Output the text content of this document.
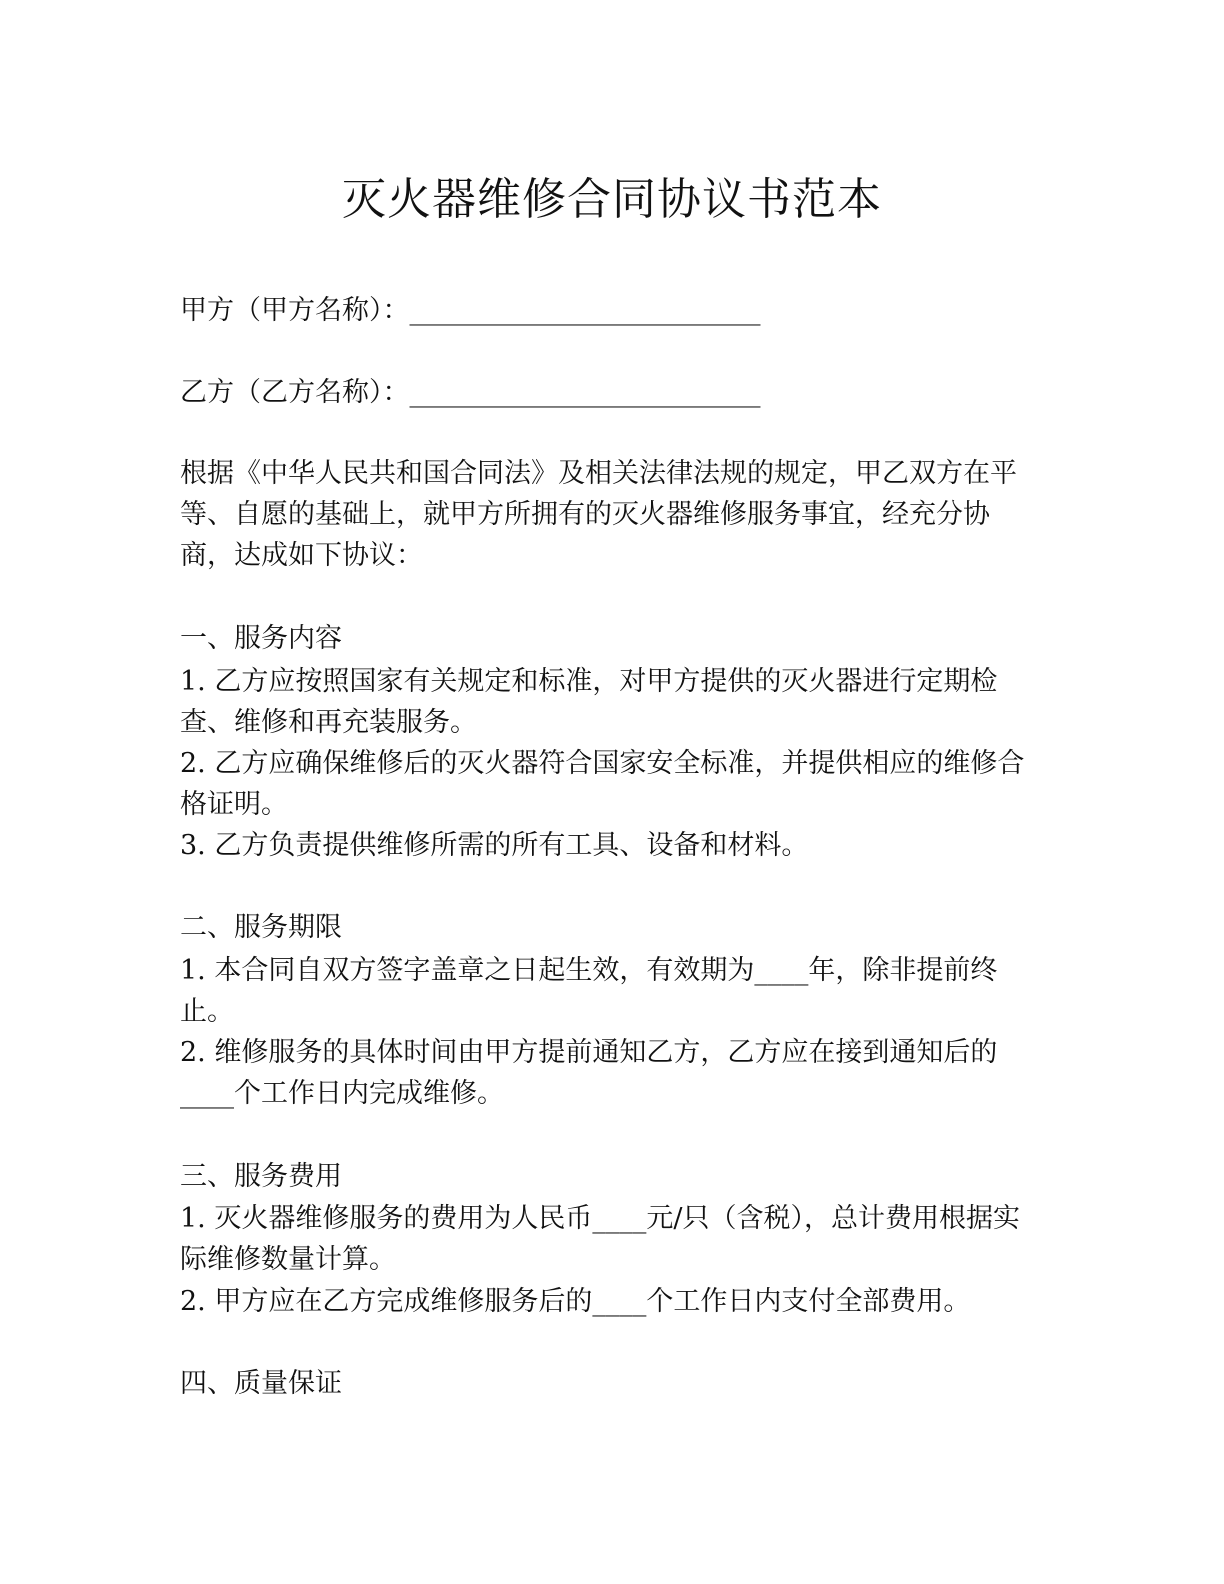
灭火器维修合同协议书范本

甲方（甲方名称）：__________________________

乙方（乙方名称）：__________________________

根据《中华人民共和国合同法》及相关法律法规的规定，甲乙双方在平等、自愿的基础上，就甲方所拥有的灭火器维修服务事宜，经充分协商，达成如下协议：

一、服务内容

1. 乙方应按照国家有关规定和标准，对甲方提供的灭火器进行定期检查、维修和再充装服务。

2. 乙方应确保维修后的灭火器符合国家安全标准，并提供相应的维修合格证明。

3. 乙方负责提供维修所需的所有工具、设备和材料。

二、服务期限

1. 本合同自双方签字盖章之日起生效，有效期为____年，除非提前终止。

2. 维修服务的具体时间由甲方提前通知乙方，乙方应在接到通知后的____个工作日内完成维修。

三、服务费用

1. 灭火器维修服务的费用为人民币____元/只（含税），总计费用根据实际维修数量计算。

2. 甲方应在乙方完成维修服务后的____个工作日内支付全部费用。

四、质量保证
